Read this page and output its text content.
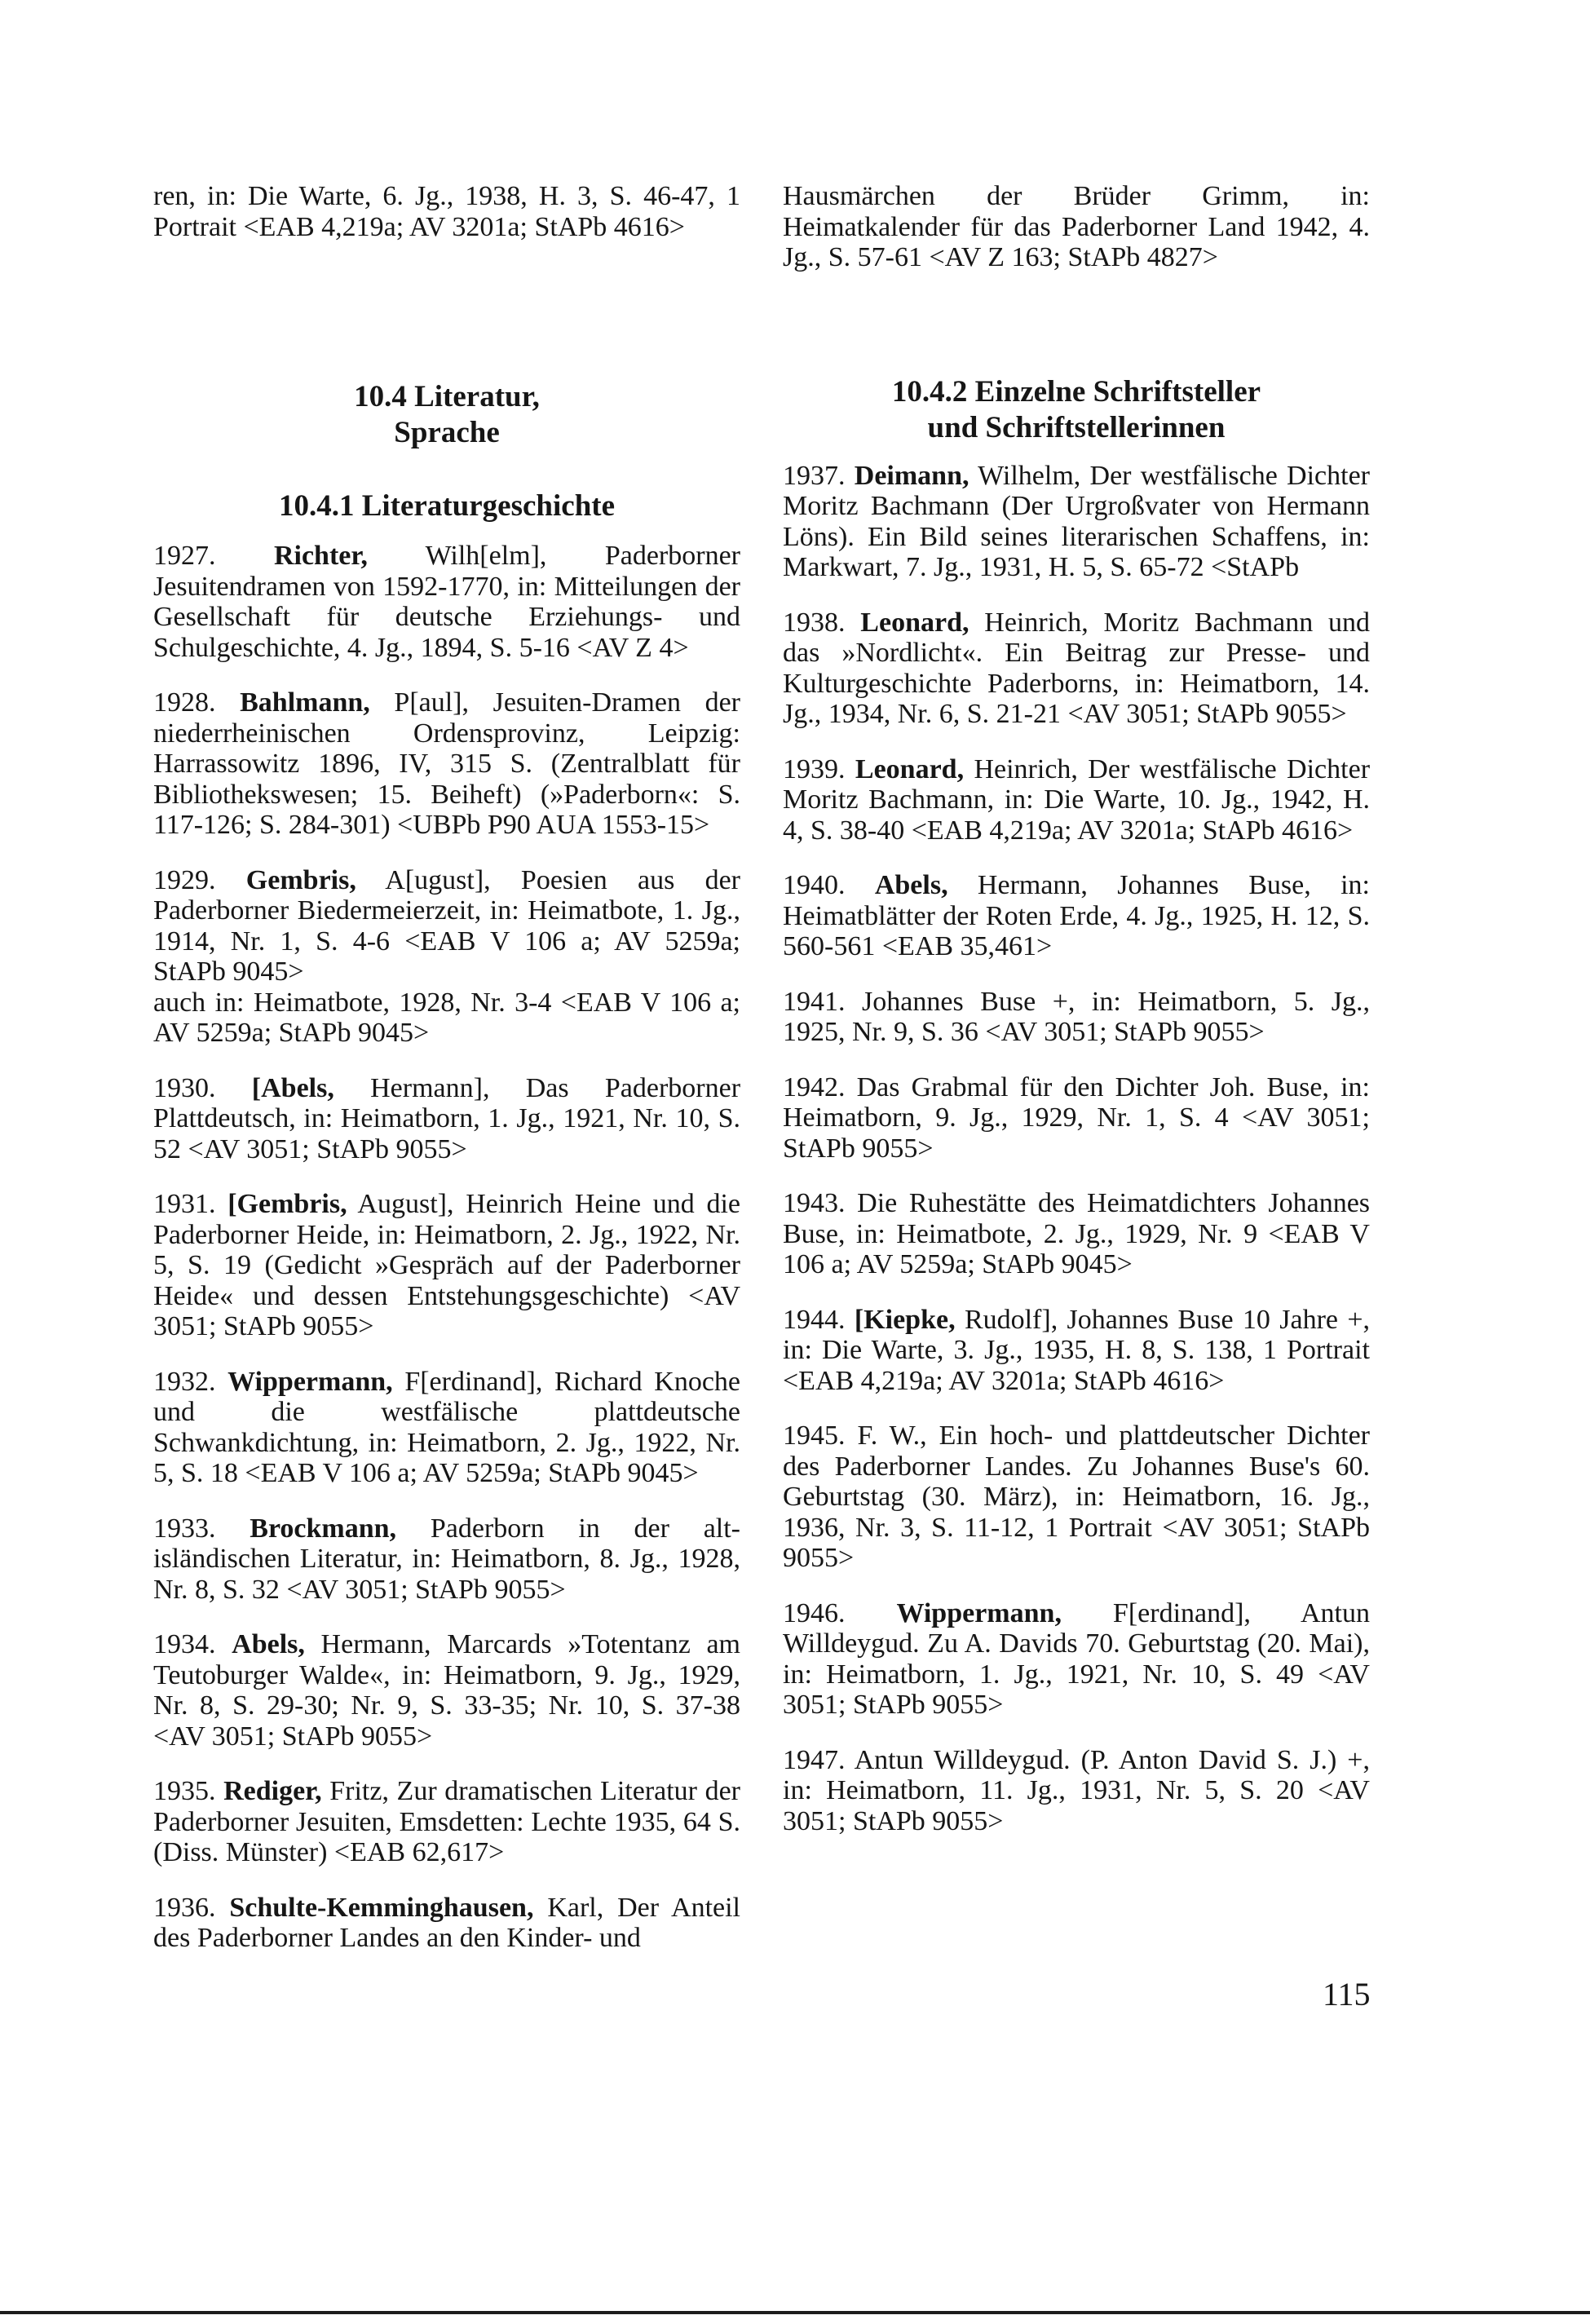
ren, in: Die Warte, 6. Jg., 1938, H. 3, S. 46-47, 1 Portrait <EAB 4,219a; AV 3201a; StAPb 4616>

10.4 Literatur,
Sprache
10.4.1 Literaturgeschichte

1927. Richter, Wilh[elm], Paderborner Jesuitendramen von 1592-1770, in: Mitteilungen der Gesellschaft für deutsche Erziehungs- und Schulgeschichte, 4. Jg., 1894, S. 5-16 <AV Z 4>

1928. Bahlmann, P[aul], Jesuiten-Dramen der niederrheinischen Ordensprovinz, Leipzig: Harrassowitz 1896, IV, 315 S. (Zentralblatt für Bibliothekswesen; 15. Beiheft) (»Paderborn«: S. 117-126; S. 284-301) <UBPb P90 AUA 1553-15>

1929. Gembris, A[ugust], Poesien aus der Paderborner Biedermeierzeit, in: Heimatbote, 1. Jg., 1914, Nr. 1, S. 4-6 <EAB V 106 a; AV 5259a; StAPb 9045>
auch in: Heimatbote, 1928, Nr. 3-4 <EAB V 106 a; AV 5259a; StAPb 9045>

1930. [Abels, Hermann], Das Paderborner Plattdeutsch, in: Heimatborn, 1. Jg., 1921, Nr. 10, S. 52 <AV 3051; StAPb 9055>

1931. [Gembris, August], Heinrich Heine und die Paderborner Heide, in: Heimatborn, 2. Jg., 1922, Nr. 5, S. 19 (Gedicht »Gespräch auf der Paderborner Heide« und dessen Entstehungsgeschichte) <AV 3051; StAPb 9055>

1932. Wippermann, F[erdinand], Richard Knoche und die westfälische plattdeutsche Schwankdichtung, in: Heimatborn, 2. Jg., 1922, Nr. 5, S. 18 <EAB V 106 a; AV 5259a; StAPb 9045>

1933. Brockmann, Paderborn in der alt-isländischen Literatur, in: Heimatborn, 8. Jg., 1928, Nr. 8, S. 32 <AV 3051; StAPb 9055>

1934. Abels, Hermann, Marcards »Totentanz am Teutoburger Walde«, in: Heimatborn, 9. Jg., 1929, Nr. 8, S. 29-30; Nr. 9, S. 33-35; Nr. 10, S. 37-38 <AV 3051; StAPb 9055>

1935. Rediger, Fritz, Zur dramatischen Literatur der Paderborner Jesuiten, Emsdetten: Lechte 1935, 64 S. (Diss. Münster) <EAB 62,617>

1936. Schulte-Kemminghausen, Karl, Der Anteil des Paderborner Landes an den Kinder- und

Hausmärchen der Brüder Grimm, in: Heimatkalender für das Paderborner Land 1942, 4. Jg., S. 57-61 <AV Z 163; StAPb 4827>

10.4.2 Einzelne Schriftsteller
und Schriftstellerinnen

1937. Deimann, Wilhelm, Der westfälische Dichter Moritz Bachmann (Der Urgroßvater von Hermann Löns). Ein Bild seines literarischen Schaffens, in: Markwart, 7. Jg., 1931, H. 5, S. 65-72 <StAPb

1938. Leonard, Heinrich, Moritz Bachmann und das »Nordlicht«. Ein Beitrag zur Presse- und Kulturgeschichte Paderborns, in: Heimatborn, 14. Jg., 1934, Nr. 6, S. 21-21 <AV 3051; StAPb 9055>

1939. Leonard, Heinrich, Der westfälische Dichter Moritz Bachmann, in: Die Warte, 10. Jg., 1942, H. 4, S. 38-40 <EAB 4,219a; AV 3201a; StAPb 4616>

1940. Abels, Hermann, Johannes Buse, in: Heimatblätter der Roten Erde, 4. Jg., 1925, H. 12, S. 560-561 <EAB 35,461>

1941. Johannes Buse +, in: Heimatborn, 5. Jg., 1925, Nr. 9, S. 36 <AV 3051; StAPb 9055>

1942. Das Grabmal für den Dichter Joh. Buse, in: Heimatborn, 9. Jg., 1929, Nr. 1, S. 4 <AV 3051; StAPb 9055>

1943. Die Ruhestätte des Heimatdichters Johannes Buse, in: Heimatbote, 2. Jg., 1929, Nr. 9 <EAB V 106 a; AV 5259a; StAPb 9045>

1944. [Kiepke, Rudolf], Johannes Buse 10 Jahre +, in: Die Warte, 3. Jg., 1935, H. 8, S. 138, 1 Portrait <EAB 4,219a; AV 3201a; StAPb 4616>

1945. F. W., Ein hoch- und plattdeutscher Dichter des Paderborner Landes. Zu Johannes Buse's 60. Geburtstag (30. März), in: Heimatborn, 16. Jg., 1936, Nr. 3, S. 11-12, 1 Portrait <AV 3051; StAPb 9055>

1946. Wippermann, F[erdinand], Antun Willdeygud. Zu A. Davids 70. Geburtstag (20. Mai), in: Heimatborn, 1. Jg., 1921, Nr. 10, S. 49 <AV 3051; StAPb 9055>

1947. Antun Willdeygud. (P. Anton David S. J.) +, in: Heimatborn, 11. Jg., 1931, Nr. 5, S. 20 <AV 3051; StAPb 9055>

115
